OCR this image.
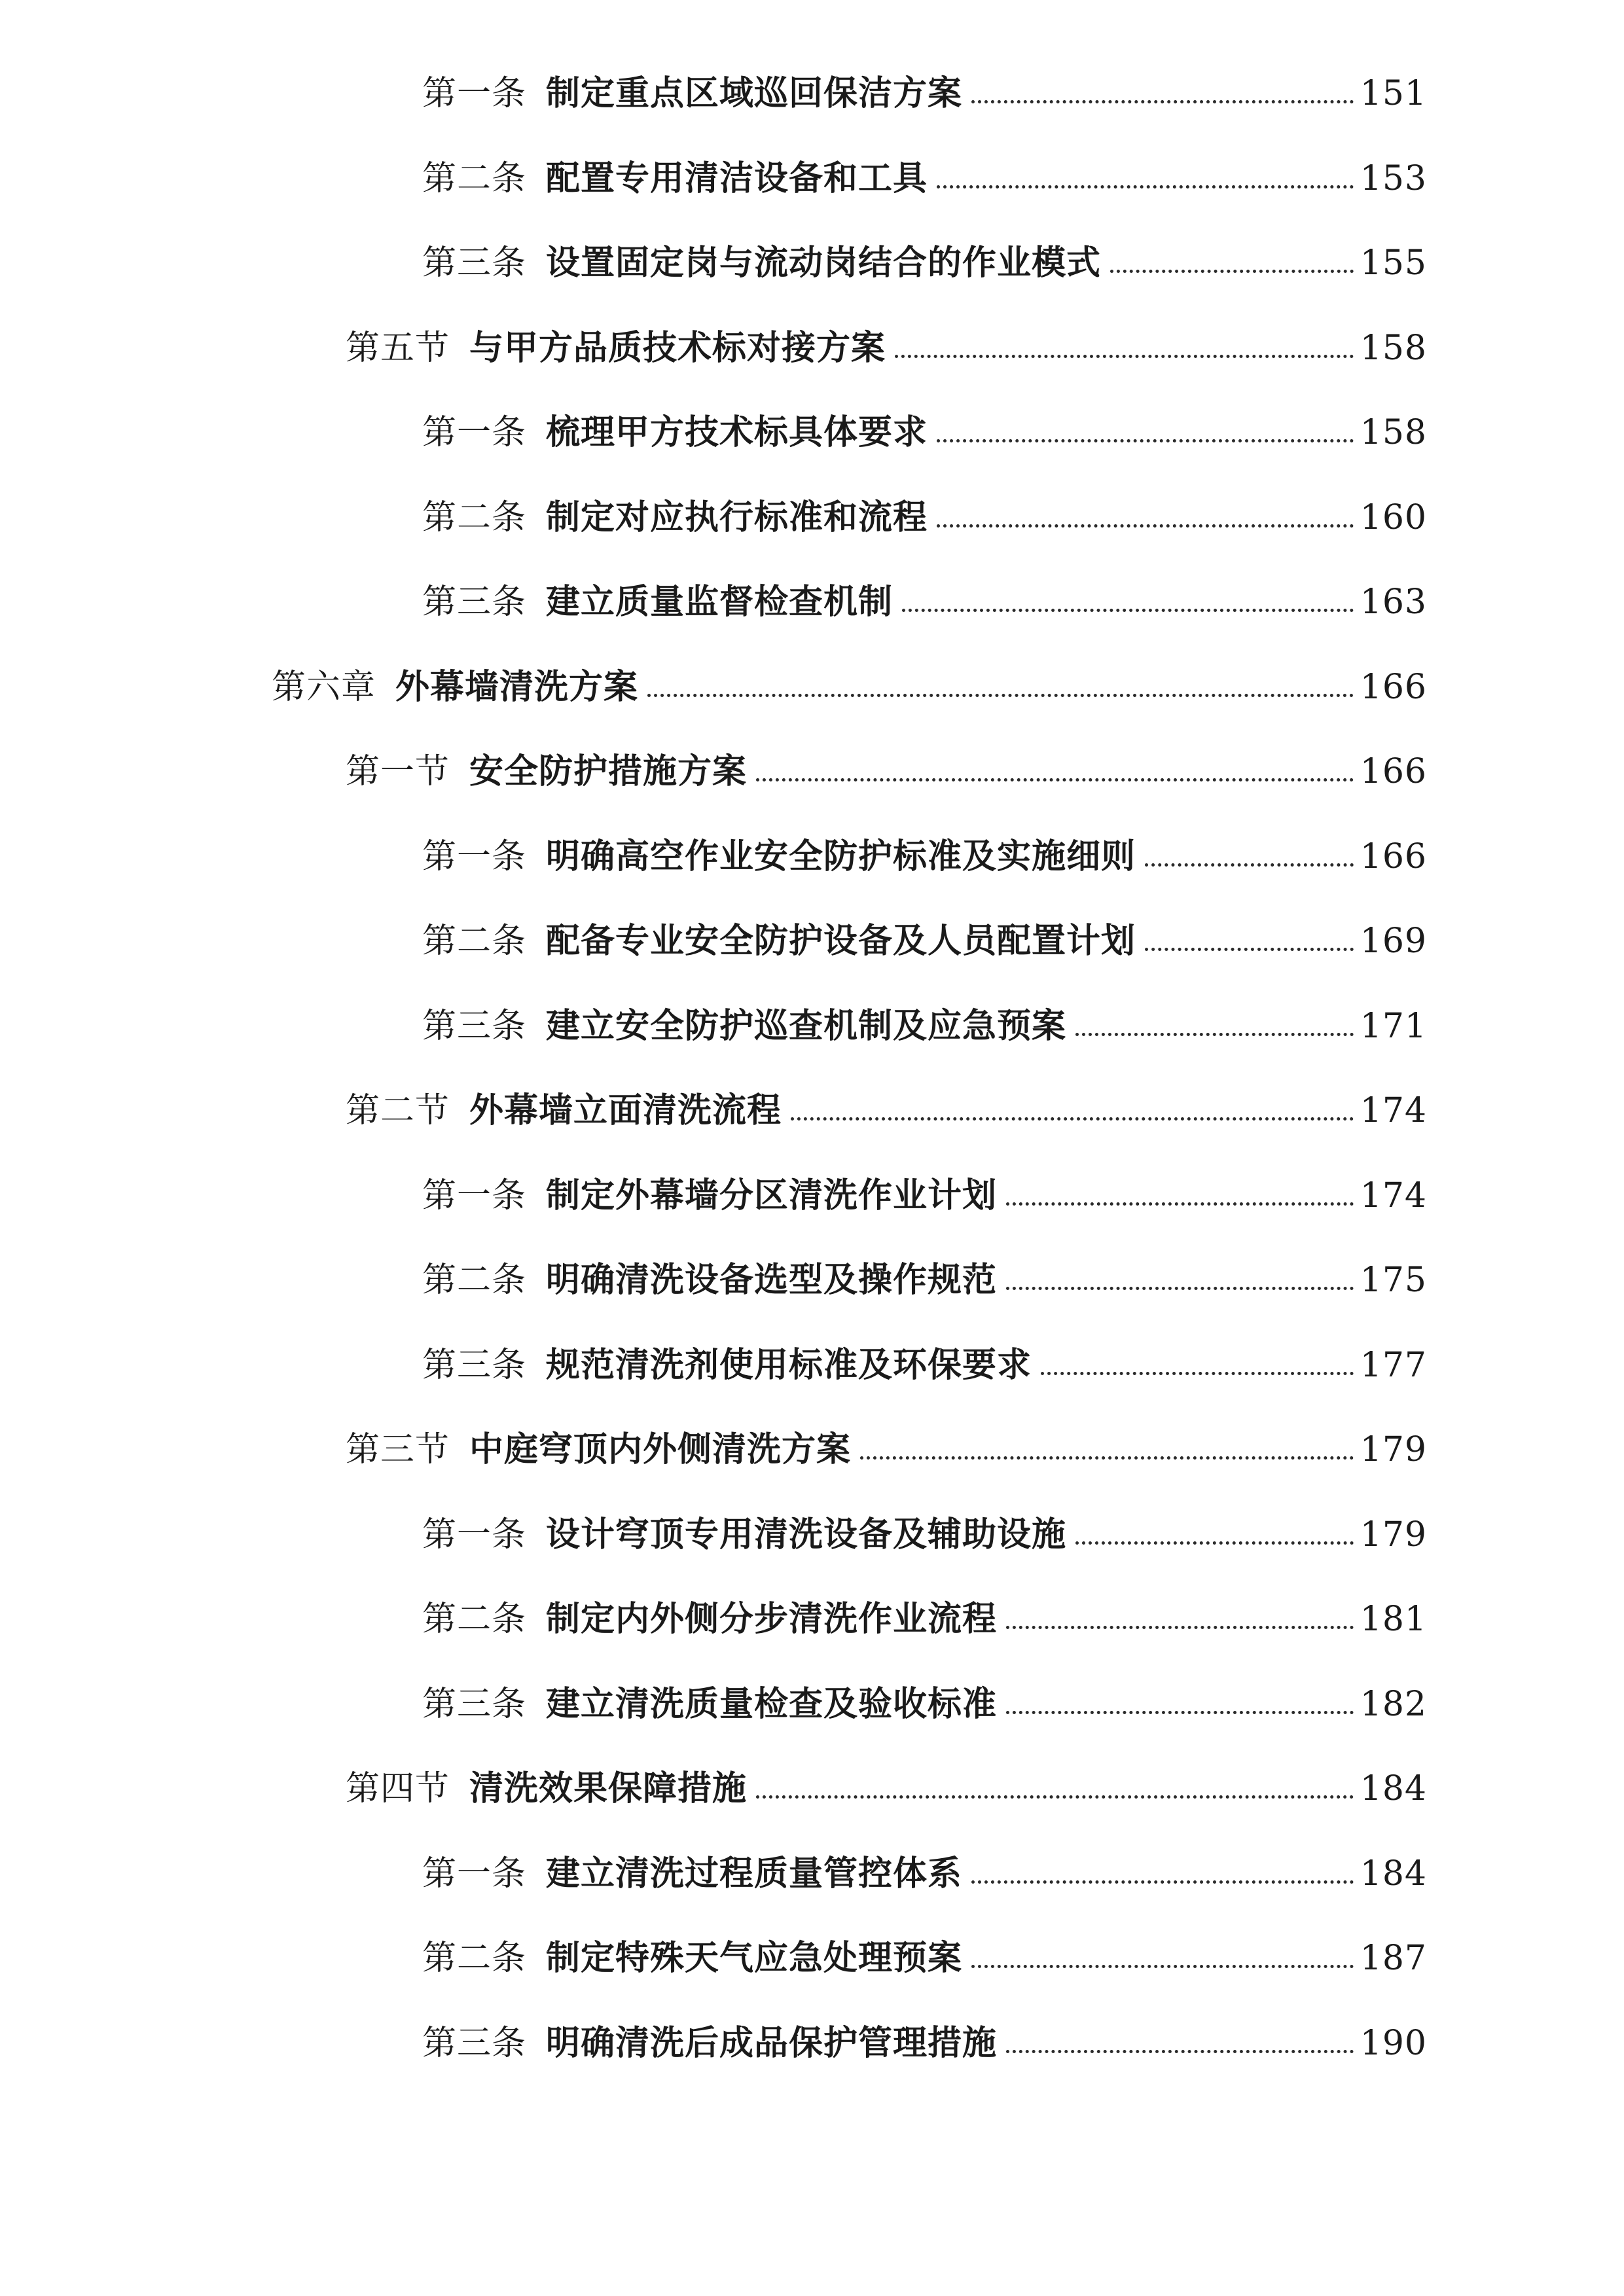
第一条 制定重点区域巡回保洁方案	151
第二条 配置专用清洁设备和工具	153
第三条 设置固定岗与流动岗结合的作业模式	155
第五节 与甲方品质技术标对接方案	158
第一条 梳理甲方技术标具体要求	158
第二条 制定对应执行标准和流程	160
第三条 建立质量监督检查机制	163
第六章 外幕墙清洗方案	166
第一节 安全防护措施方案	166
第一条 明确高空作业安全防护标准及实施细则	166
第二条 配备专业安全防护设备及人员配置计划	169
第三条 建立安全防护巡查机制及应急预案	171
第二节 外幕墙立面清洗流程	174
第一条 制定外幕墙分区清洗作业计划	174
第二条 明确清洗设备选型及操作规范	175
第三条 规范清洗剂使用标准及环保要求	177
第三节 中庭穹顶内外侧清洗方案	179
第一条 设计穹顶专用清洗设备及辅助设施	179
第二条 制定内外侧分步清洗作业流程	181
第三条 建立清洗质量检查及验收标准	182
第四节 清洗效果保障措施	184
第一条 建立清洗过程质量管控体系	184
第二条 制定特殊天气应急处理预案	187
第三条 明确清洗后成品保护管理措施	190
